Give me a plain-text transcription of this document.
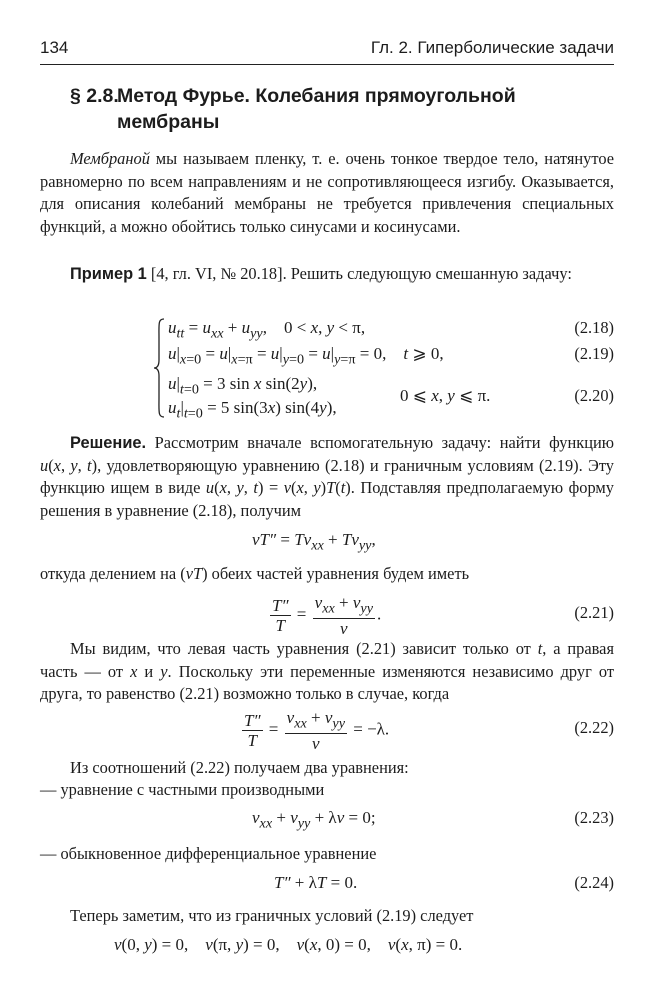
134	Гл. 2. Гиперболические задачи
§ 2.8.
Метод Фурье. Колебания прямоугольной
мембраны
Мембраной мы называем пленку, т. е. очень тонкое твердое тело, натянутое равномерно по всем направлениям и не сопротивляющееся изгибу. Оказывается, для описания колебаний мембраны не требуется привлечения специальных функций, а можно обойтись только синусами и косинусами.
Пример 1 [4, гл. VI, № 20.18]. Решить следующую смешанную задачу:
$u_{tt} = u_{xx} + u_{yy}$,    0 < x, y < π,	(2.18)
$u|_{x=0} = u|_{x=\pi} = u|_{y=0} = u|_{y=\pi} = 0$,    t ⩾ 0,	(2.19)
$u|_{t=0} = 3$ sin x sin(2y),
$u_t|_{t=0} = 5$ sin(3x) sin(4y),
0 ⩽ x, y ⩽ π.	(2.20)
Решение. Рассмотрим вначале вспомогательную задачу: найти функцию u(x, y, t), удовлетворяющую уравнению (2.18) и граничным условиям (2.19). Эту функцию ищем в виде u(x, y, t) = v(x, y)T(t). Подставляя предполагаемую форму решения в уравнение (2.18), получим
$vT'' = Tv_{xx} + Tv_{yy}$,
откуда делением на (vT) обеих частей уравнения будем иметь
$\frac{T''}{T} = \frac{v_{xx} + v_{yy}}{v}$ .	(2.21)
Мы видим, что левая часть уравнения (2.21) зависит только от t, а правая часть — от x и y. Поскольку эти переменные изменяются независимо друг от друга, то равенство (2.21) возможно только в случае, когда
$\frac{T''}{T} = \frac{v_{xx} + v_{yy}}{v} = -\lambda$.	(2.22)
Из соотношений (2.22) получаем два уравнения:
— уравнение с частными производными
$v_{xx} + v_{yy} + \lambda v = 0$;	(2.23)
— обыкновенное дифференциальное уравнение
T″ + λT = 0.	(2.24)
Теперь заметим, что из граничных условий (2.19) следует
v(0, y) = 0,    v(π, y) = 0,    v(x, 0) = 0,    v(x, π) = 0.
